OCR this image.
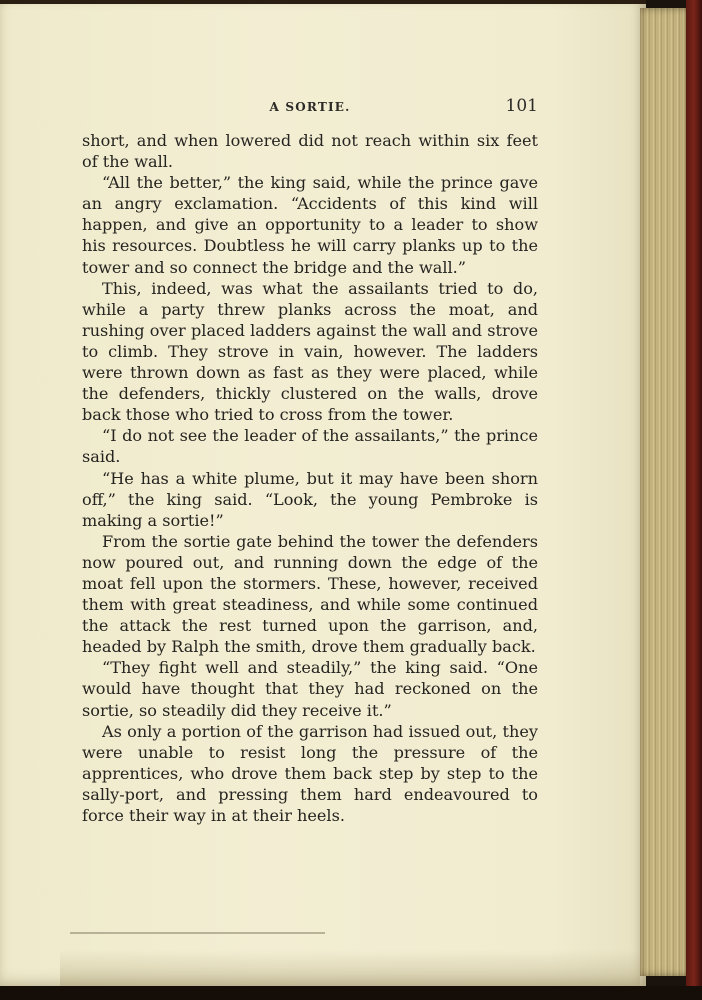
A SORTIE.	101

short, and when lowered did not reach within six feet of the wall.

“All the better,” the king said, while the prince gave an angry exclamation. “Accidents of this kind will happen, and give an opportunity to a leader to show his resources. Doubtless he will carry planks up to the tower and so connect the bridge and the wall.”

This, indeed, was what the assailants tried to do, while a party threw planks across the moat, and rushing over placed ladders against the wall and strove to climb. They strove in vain, however. The ladders were thrown down as fast as they were placed, while the defenders, thickly clustered on the walls, drove back those who tried to cross from the tower.

“I do not see the leader of the assailants,” the prince said.

“He has a white plume, but it may have been shorn off,” the king said. “Look, the young Pembroke is making a sortie!”

From the sortie gate behind the tower the defenders now poured out, and running down the edge of the moat fell upon the stormers. These, however, received them with great steadiness, and while some continued the attack the rest turned upon the garrison, and, headed by Ralph the smith, drove them gradually back.

“They fight well and steadily,” the king said. “One would have thought that they had reckoned on the sortie, so steadily did they receive it.”

As only a portion of the garrison had issued out, they were unable to resist long the pressure of the apprentices, who drove them back step by step to the sally-port, and pressing them hard endeavoured to force their way in at their heels.
